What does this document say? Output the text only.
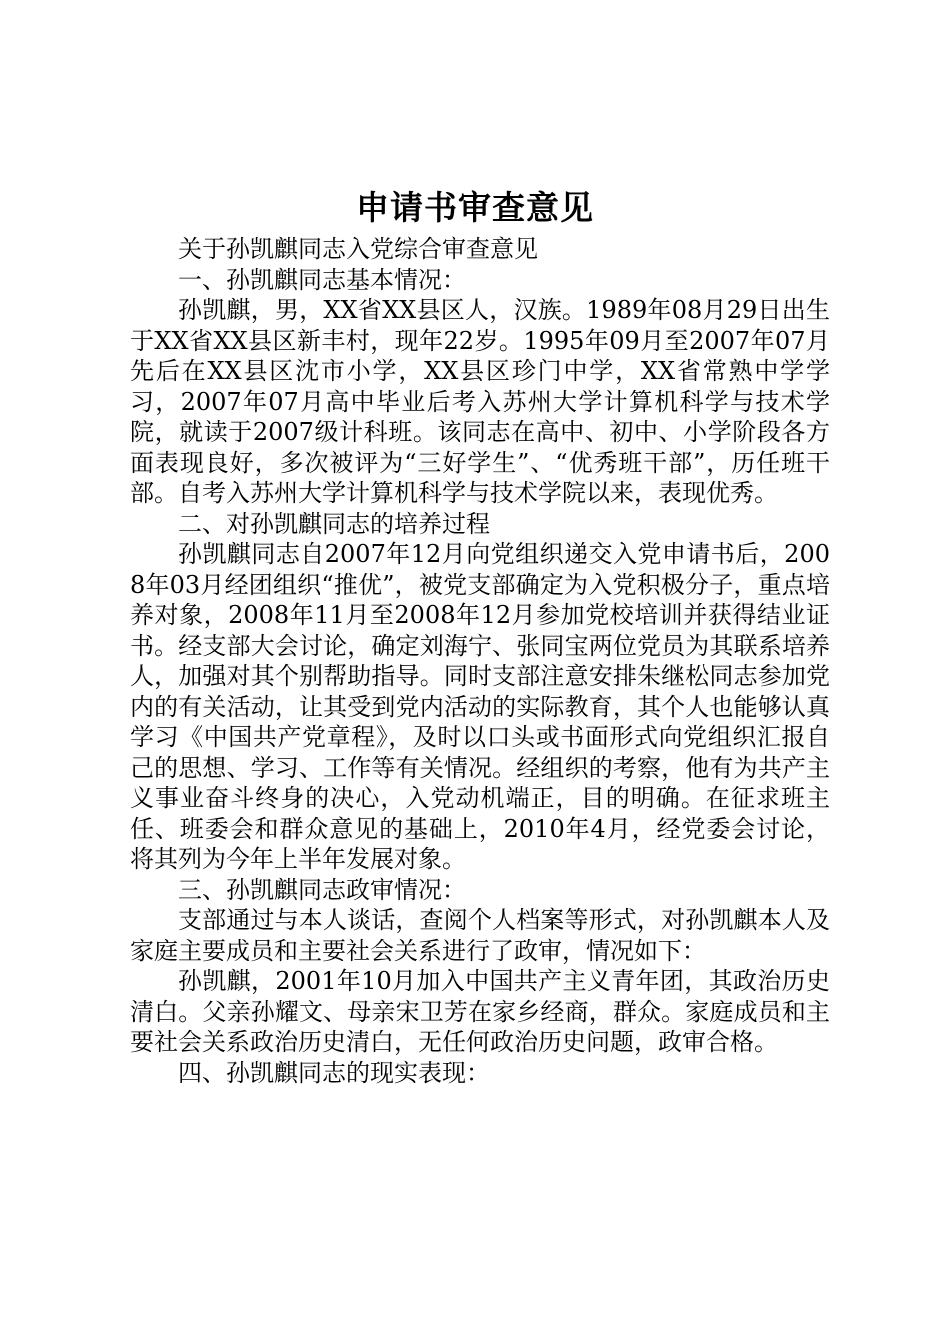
申请书审查意见

关于孙凯麒同志入党综合审查意见

一、孙凯麒同志基本情况：

孙凯麒，男，XX省XX县区人，汉族。1989年08月29日出生于XX省XX县区新丰村，现年22岁。1995年09月至2007年07月先后在XX县区沈市小学，XX县区珍门中学，XX省常熟中学学习，2007年07月高中毕业后考入苏州大学计算机科学与技术学院，就读于2007级计科班。该同志在高中、初中、小学阶段各方面表现良好，多次被评为“三好学生”、“优秀班干部”，历任班干部。自考入苏州大学计算机科学与技术学院以来，表现优秀。

二、对孙凯麒同志的培养过程

孙凯麒同志自2007年12月向党组织递交入党申请书后，2008年03月经团组织“推优”，被党支部确定为入党积极分子，重点培养对象，2008年11月至2008年12月参加党校培训并获得结业证书。经支部大会讨论，确定刘海宁、张同宝两位党员为其联系培养人，加强对其个别帮助指导。同时支部注意安排朱继松同志参加党内的有关活动，让其受到党内活动的实际教育，其个人也能够认真学习《中国共产党章程》，及时以口头或书面形式向党组织汇报自己的思想、学习、工作等有关情况。经组织的考察，他有为共产主义事业奋斗终身的决心，入党动机端正，目的明确。在征求班主任、班委会和群众意见的基础上，2010年4月，经党委会讨论，将其列为今年上半年发展对象。

三、孙凯麒同志政审情况：

支部通过与本人谈话，查阅个人档案等形式，对孙凯麒本人及家庭主要成员和主要社会关系进行了政审，情况如下：

孙凯麒，2001年10月加入中国共产主义青年团，其政治历史清白。父亲孙耀文、母亲宋卫芳在家乡经商，群众。家庭成员和主要社会关系政治历史清白，无任何政治历史问题，政审合格。

四、孙凯麒同志的现实表现：
